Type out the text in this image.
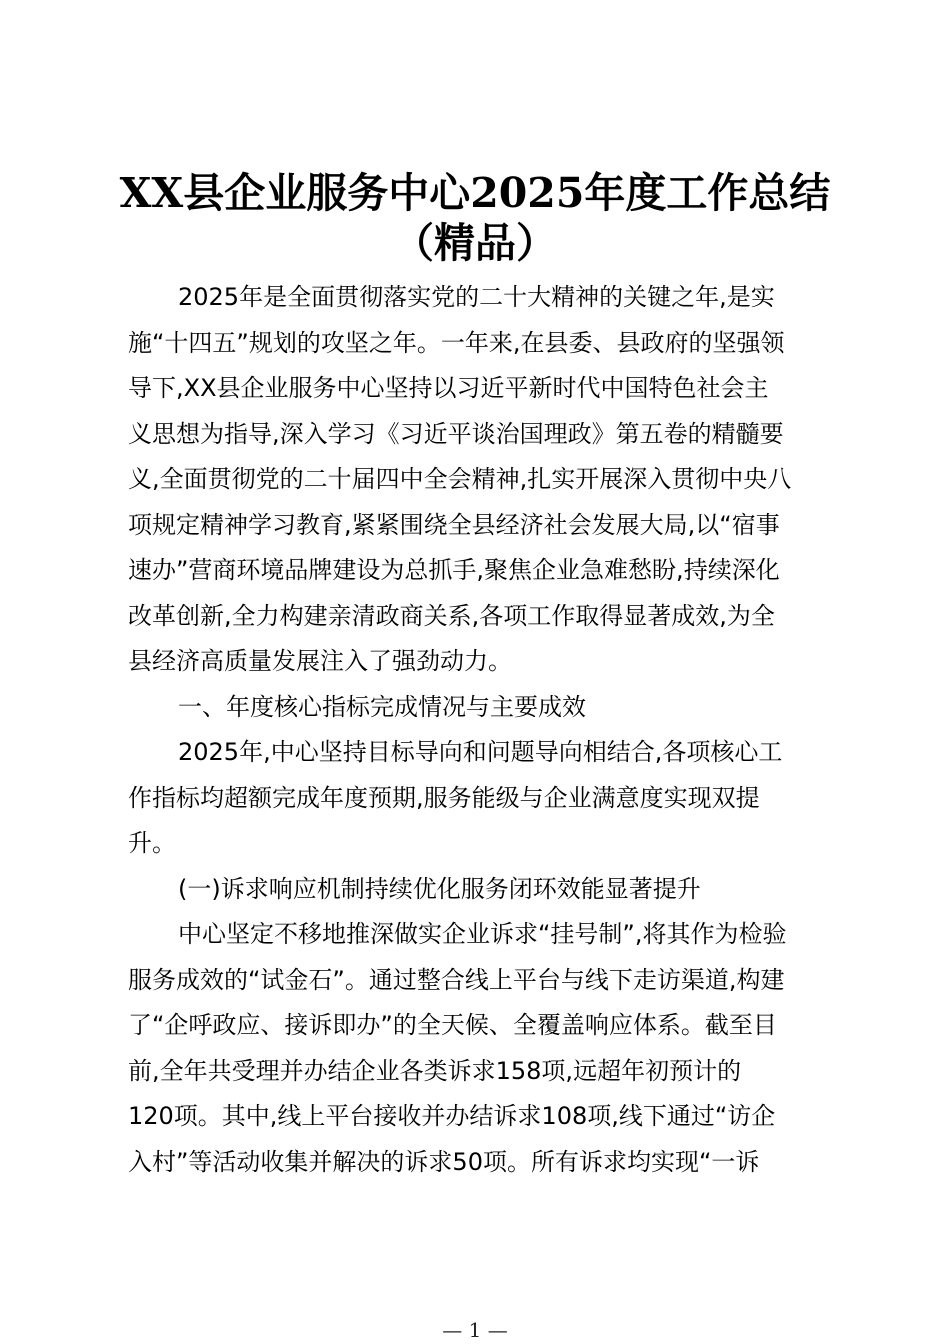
XX县企业服务中心2025年度工作总结
（精品）

2025年是全面贯彻落实党的二十大精神的关键之年,是实
施“十四五”规划的攻坚之年。一年来,在县委、县政府的坚强领
导下,XX县企业服务中心坚持以习近平新时代中国特色社会主
义思想为指导,深入学习《习近平谈治国理政》第五卷的精髓要
义,全面贯彻党的二十届四中全会精神,扎实开展深入贯彻中央八
项规定精神学习教育,紧紧围绕全县经济社会发展大局,以“宿事
速办”营商环境品牌建设为总抓手,聚焦企业急难愁盼,持续深化
改革创新,全力构建亲清政商关系,各项工作取得显著成效,为全
县经济高质量发展注入了强劲动力。

一、年度核心指标完成情况与主要成效

2025年,中心坚持目标导向和问题导向相结合,各项核心工
作指标均超额完成年度预期,服务能级与企业满意度实现双提
升。

(一)诉求响应机制持续优化服务闭环效能显著提升

中心坚定不移地推深做实企业诉求“挂号制”,将其作为检验
服务成效的“试金石”。通过整合线上平台与线下走访渠道,构建
了“企呼政应、接诉即办”的全天候、全覆盖响应体系。截至目
前,全年共受理并办结企业各类诉求158项,远超年初预计的
120项。其中,线上平台接收并办结诉求108项,线下通过“访企
入村”等活动收集并解决的诉求50项。所有诉求均实现“一诉

— 1 —
